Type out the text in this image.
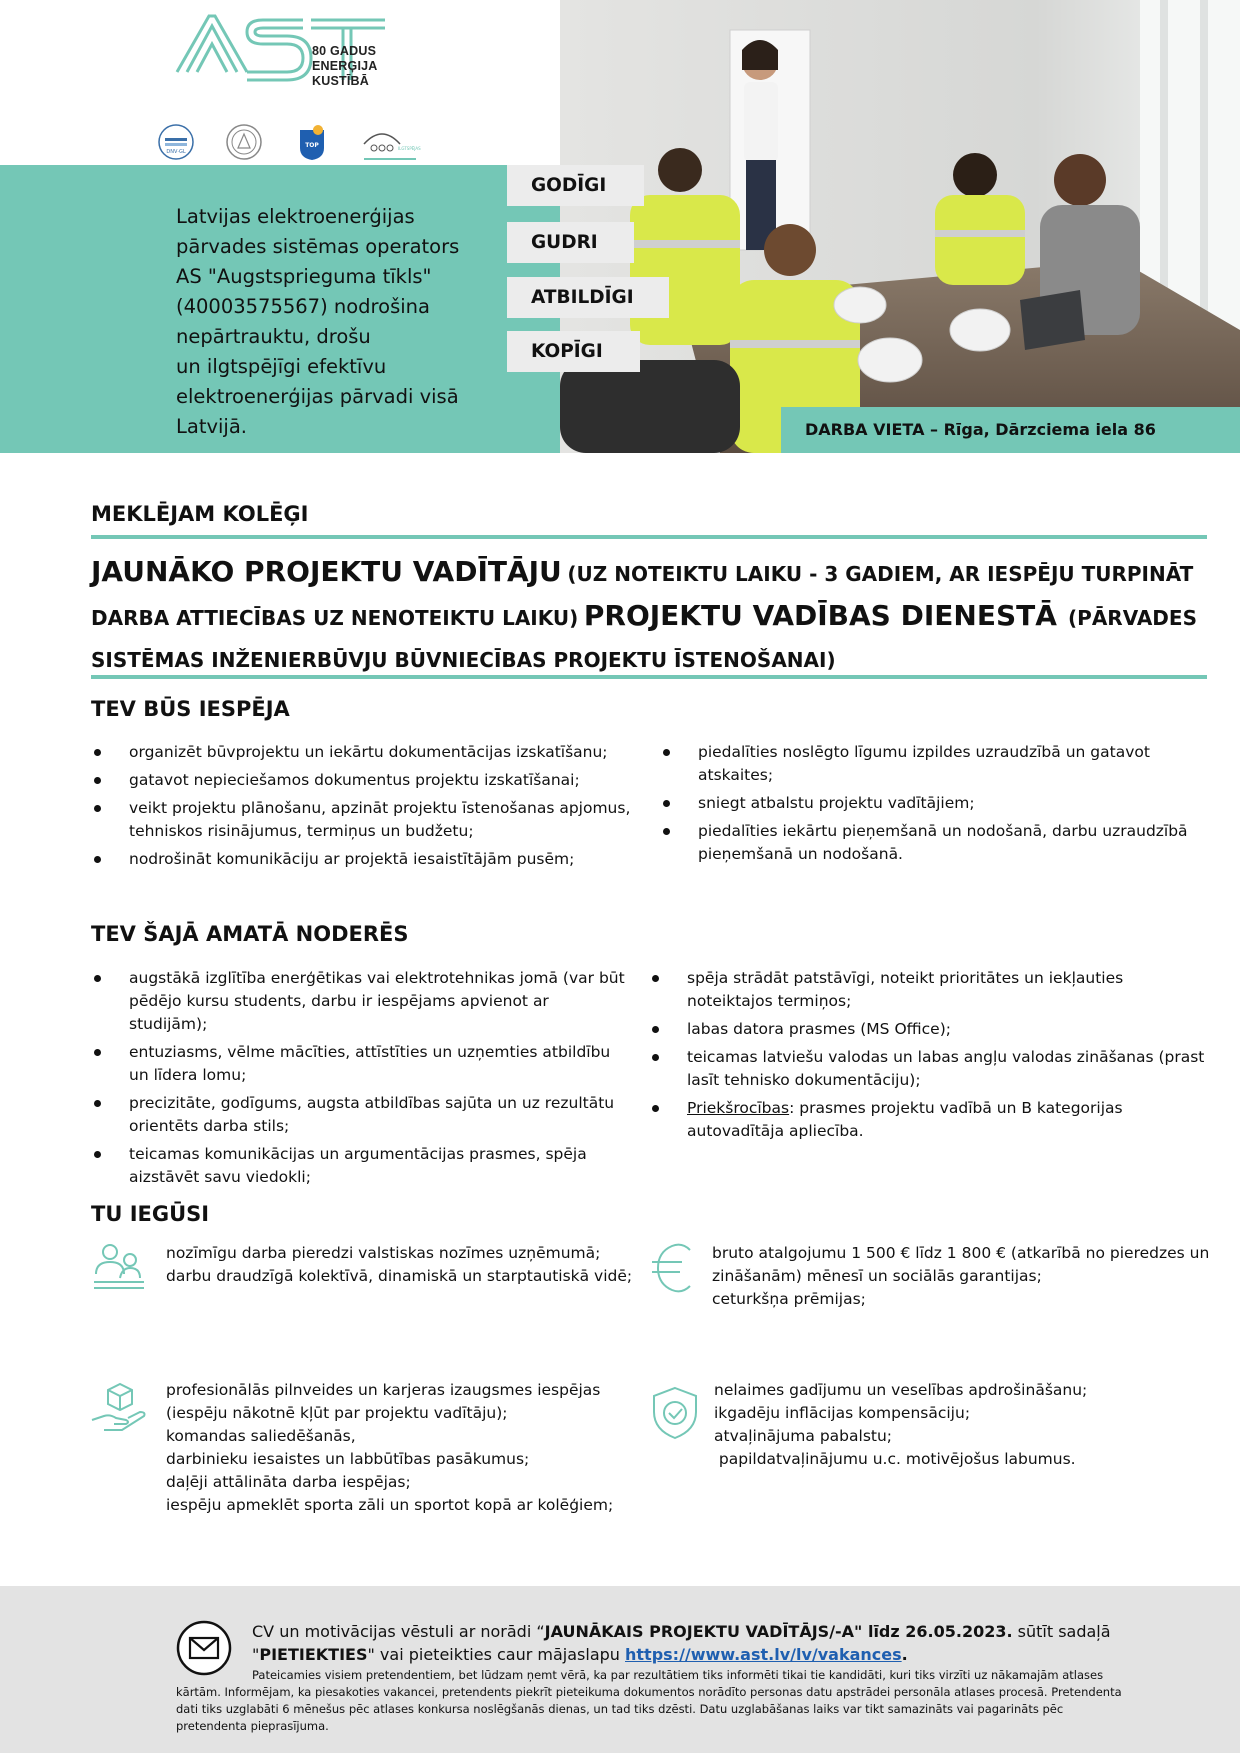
80 GADUS
ENERĢIJA
KUSTĪBĀ
DNV·GL
TOP	ILGTSPĒJAS
Latvijas elektroenerģijas
pārvades sistēmas operators
AS "Augstsprieguma tīkls"
(40003575567) nodrošina
nepārtrauktu, drošu
un ilgtspējīgi efektīvu
elektroenerģijas pārvadi visā Latvijā.
GODĪGI
GUDRI
ATBILDĪGI
KOPĪGI
DARBA VIETA – Rīga, Dārzciema iela 86
MEKLĒJAM KOLĒĢI
JAUNĀKO PROJEKTU VADĪTĀJU (UZ NOTEIKTU LAIKU - 3 GADIEM, AR IESPĒJU TURPINĀT DARBA ATTIECĪBAS UZ NENOTEIKTU LAIKU) PROJEKTU VADĪBAS DIENESTĀ (PĀRVADES SISTĒMAS INŽENIERBŪVJU BŪVNIECĪBAS PROJEKTU ĪSTENOŠANAI)
TEV BŪS IESPĒJA
organizēt būvprojektu un iekārtu dokumentācijas izskatīšanu;
gatavot nepieciešamos dokumentus projektu izskatīšanai;
veikt projektu plānošanu, apzināt projektu īstenošanas apjomus, tehniskos risinājumus, termiņus un budžetu;
nodrošināt komunikāciju ar projektā iesaistītājām pusēm;
piedalīties noslēgto līgumu izpildes uzraudzībā un gatavot atskaites;
sniegt atbalstu projektu vadītājiem;
piedalīties iekārtu pieņemšanā un nodošanā, darbu uzraudzībā pieņemšanā un nodošanā.
TEV ŠAJĀ AMATĀ NODERĒS
augstākā izglītība enerģētikas vai elektrotehnikas jomā (var būt pēdējo kursu students, darbu ir iespējams apvienot ar studijām);
entuziasms, vēlme mācīties, attīstīties un uzņemties atbildību un līdera lomu;
precizitāte, godīgums, augsta atbildības sajūta un uz rezultātu orientēts darba stils;
teicamas komunikācijas un argumentācijas prasmes, spēja aizstāvēt savu viedokli;
spēja strādāt patstāvīgi, noteikt prioritātes un iekļauties noteiktajos termiņos;
labas datora prasmes (MS Office);
teicamas latviešu valodas un labas angļu valodas zināšanas (prast lasīt tehnisko dokumentāciju);
Priekšrocības: prasmes projektu vadībā un B kategorijas autovadītāja apliecība.
TU IEGŪSI
nozīmīgu darba pieredzi valstiskas nozīmes uzņēmumā;
darbu draudzīgā kolektīvā, dinamiskā un starptautiskā vidē;
bruto atalgojumu 1 500 € līdz 1 800 € (atkarībā no pieredzes un
zināšanām) mēnesī un sociālās garantijas;
ceturkšņa prēmijas;
profesionālās pilnveides un karjeras izaugsmes iespējas
(iespēju nākotnē kļūt par projektu vadītāju);
komandas saliedēšanās,
darbinieku iesaistes un labbūtības pasākumus;
daļēji attālināta darba iespējas;
iespēju apmeklēt sporta zāli un sportot kopā ar kolēģiem;
nelaimes gadījumu un veselības apdrošināšanu;
ikgadēju inflācijas kompensāciju;
atvaļinājuma pabalstu;
papildatvaļinājumu u.c. motivējošus labumus.
CV un motivācijas vēstuli ar norādi “JAUNĀKAIS PROJEKTU VADĪTĀJS/-A" līdz 26.05.2023. sūtīt sadaļā "PIETIEKTIES" vai pieteikties caur mājaslapu https://www.ast.lv/lv/vakances.
Pateicamies visiem pretendentiem, bet lūdzam ņemt vērā, ka par rezultātiem tiks informēti tikai tie kandidāti, kuri tiks virzīti uz nākamajām atlases kārtām. Informējam, ka piesakoties vakancei, pretendents piekrīt pieteikuma dokumentos norādīto personas datu apstrādei personāla atlases procesā. Pretendenta dati tiks uzglabāti 6 mēnešus pēc atlases konkursa noslēgšanās dienas, un tad tiks dzēsti. Datu uzglabāšanas laiks var tikt samazināts vai pagarināts pēc pretendenta pieprasījuma.
